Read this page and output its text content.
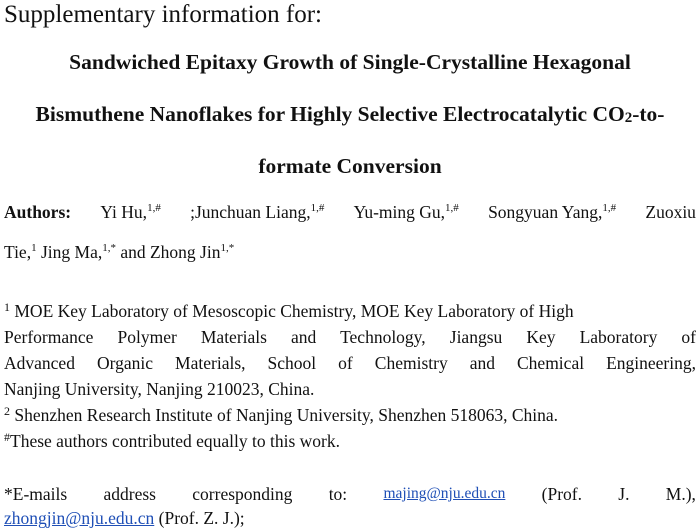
Supplementary information for:
Sandwiched Epitaxy Growth of Single-Crystalline Hexagonal
Bismuthene Nanoflakes for Highly Selective Electrocatalytic $CO_2-to-$
formate Conversion
Authors: Yi Hu,$^{1,\#}$ ;Junchuan Liang,$^{1,\#}$ Yu-ming Gu,$^{1,\#}$ Songyuan Yang,$^{1,\#}$ Zuoxiu
Tie,$^1$ Jing Ma,$^{1,*}$ and Zhong Jin$^{1,*}$
$^1$ MOE Key Laboratory of Mesoscopic Chemistry, MOE Key Laboratory of High
Performance Polymer Materials and Technology, Jiangsu Key Laboratory of
Advanced Organic Materials, School of Chemistry and Chemical Engineering,
Nanjing University, Nanjing 210023, China.
$^2$ Shenzhen Research Institute of Nanjing University, Shenzhen 518063, China.
#These authors contributed equally to this work.
*E-mails address corresponding to: majing@nju.edu.cn (Prof. J. M.),
zhongjin@nju.edu.cn (Prof. Z. J.);
